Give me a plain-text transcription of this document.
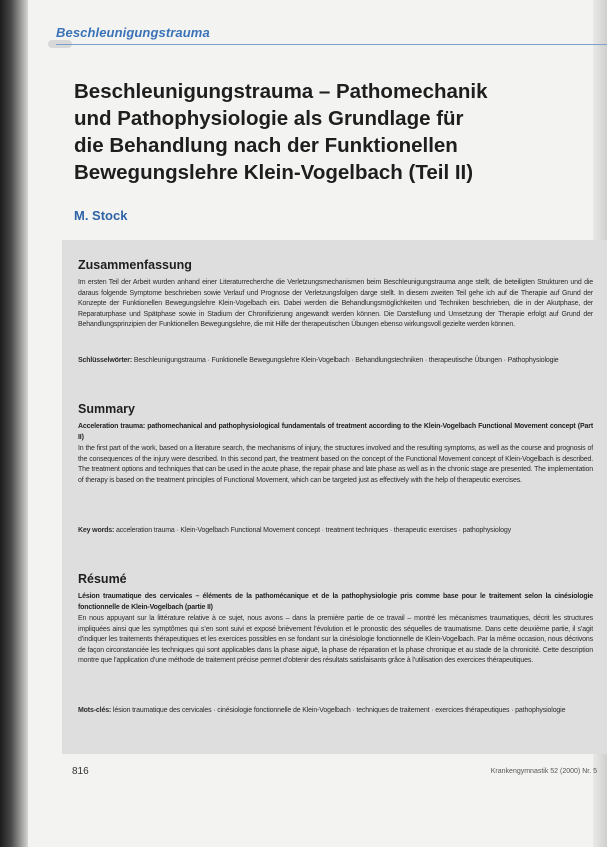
Beschleunigungstrauma
Beschleunigungstrauma – Pathomechanik
und Pathophysiologie als Grundlage für
die Behandlung nach der Funktionellen
Bewegungslehre Klein-Vogelbach (Teil II)
M. Stock
Zusammenfassung

Im ersten Teil der Arbeit wurden anhand einer Literaturrecherche die Verletzungsmechanismen beim Beschleunigungstrauma ange stellt, die beteiligten Strukturen und die daraus folgende Symptome beschrieben sowie Verlauf und Prognose der Verletzungsfolgen darge stellt. In diesem zweiten Teil gehe ich auf die Therapie auf Grund der Konzepte der Funktionellen Bewegungslehre Klein-Vogelbach ein. Dabei werden die Behandlungsmöglichkeiten und Techniken beschrieben, die in der Akutphase, der Reparaturphase und Spätphase sowie in Stadium der Chronifizierung angewandt werden können. Die Darstellung und Umsetzung der Therapie erfolgt auf Grund der Behandlungsprinzipien der Funktionellen Bewegungslehre, die mit Hilfe der therapeutischen Übungen ebenso wirkungsvoll gezielte werden können.

Schlüsselwörter: Beschleunigungstrauma · Funktionelle Bewegungslehre Klein-Vogelbach · Behandlungstechniken · therapeutische Übungen · Pathophysiologie
Summary

Acceleration trauma: pathomechanical and pathophysiological fundamentals of treatment according to the Klein-Vogelbach Functional Movement concept (Part II)

In the first part of the work, based on a literature search, the mechanisms of injury, the structures involved and the resulting symptoms, as well as the course and prognosis of the consequences of the injury were described. In this second part, the treatment based on the concept of the Functional Movement concept of Klein-Vogelbach is described. The treatment options and techniques that can be used in the acute phase, the repair phase and late phase as well as in the chronic stage are presented. The implementation of therapy is based on the treatment principles of Functional Movement, which can be targeted just as effectively with the help of therapeutic exercises.

Key words: acceleration trauma · Klein-Vogelbach Functional Movement concept · treatment techniques · therapeutic exercises · pathophysiology
Résumé

Lésion traumatique des cervicales – éléments de la pathomécanique et de la pathophysiologie pris comme base pour le traitement selon la cinésiologie fonctionnelle de Klein-Vogelbach (partie II)

En nous appuyant sur la littérature relative à ce sujet, nous avons – dans la première partie de ce travail – montré les mécanismes traumatiques, décrit les structures impliquées ainsi que les symptômes qui s’en sont suivi et exposé brièvement l’évolution et le pronostic des séquelles de traumatisme. Dans cette deuxième partie, il s’agit d’indiquer les traitements thérapeutiques et les exercices possibles en se fondant sur la cinésiologie fonctionnelle de Klein-Vogelbach. Par la même occasion, nous décrivons de façon circonstanciée les techniques qui sont applicables dans la phase aiguë, la phase de réparation et la phase chronique et au stade de la chronicité. Cette description montre que l’application d’une méthode de traitement précise permet d’obtenir des résultats satisfaisants grâce à l’utilisation des exercices thérapeutiques.

Mots-clés: lésion traumatique des cervicales · cinésiologie fonctionnelle de Klein-Vogelbach · techniques de traitement · exercices thérapeutiques · pathophysiologie
816	Krankengymnastik 52 (2000) Nr. 5
